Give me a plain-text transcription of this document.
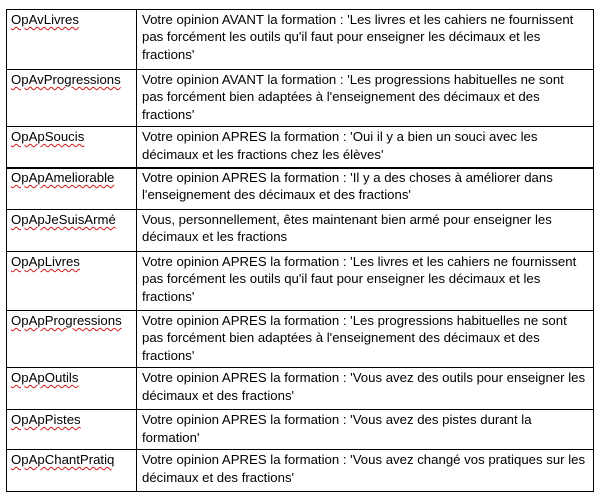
OpAvLivres	Votre opinion AVANT la formation : 'Les livres et les cahiers ne fournissent pas forcément les outils qu'il faut pour enseigner les décimaux et les fractions'
OpAvProgressions	Votre opinion AVANT la formation : 'Les progressions habituelles ne sont pas forcément bien adaptées à l'enseignement des décimaux et des fractions'
OpApSoucis	Votre opinion APRES la formation : 'Oui il y a bien un souci avec les décimaux et les fractions chez les élèves'
OpApAmeliorable	Votre opinion APRES la formation : 'Il y a des choses à améliorer dans l'enseignement des décimaux et des fractions'
OpApJeSuisArmé	Vous, personnellement, êtes maintenant bien armé pour enseigner les décimaux et les fractions
OpApLivres	Votre opinion APRES la formation : 'Les livres et les cahiers ne fournissent pas forcément les outils qu'il faut pour enseigner les décimaux et les fractions'
OpApProgressions	Votre opinion APRES la formation : 'Les progressions habituelles ne sont pas forcément bien adaptées à l'enseignement des décimaux et des fractions'
OpApOutils	Votre opinion APRES la formation : 'Vous avez des outils pour enseigner les décimaux et des fractions'
OpApPistes	Votre opinion APRES la formation : 'Vous avez des pistes durant la formation'
OpApChantPratiq	Votre opinion APRES la formation : 'Vous avez changé vos pratiques sur les décimaux et des fractions'
